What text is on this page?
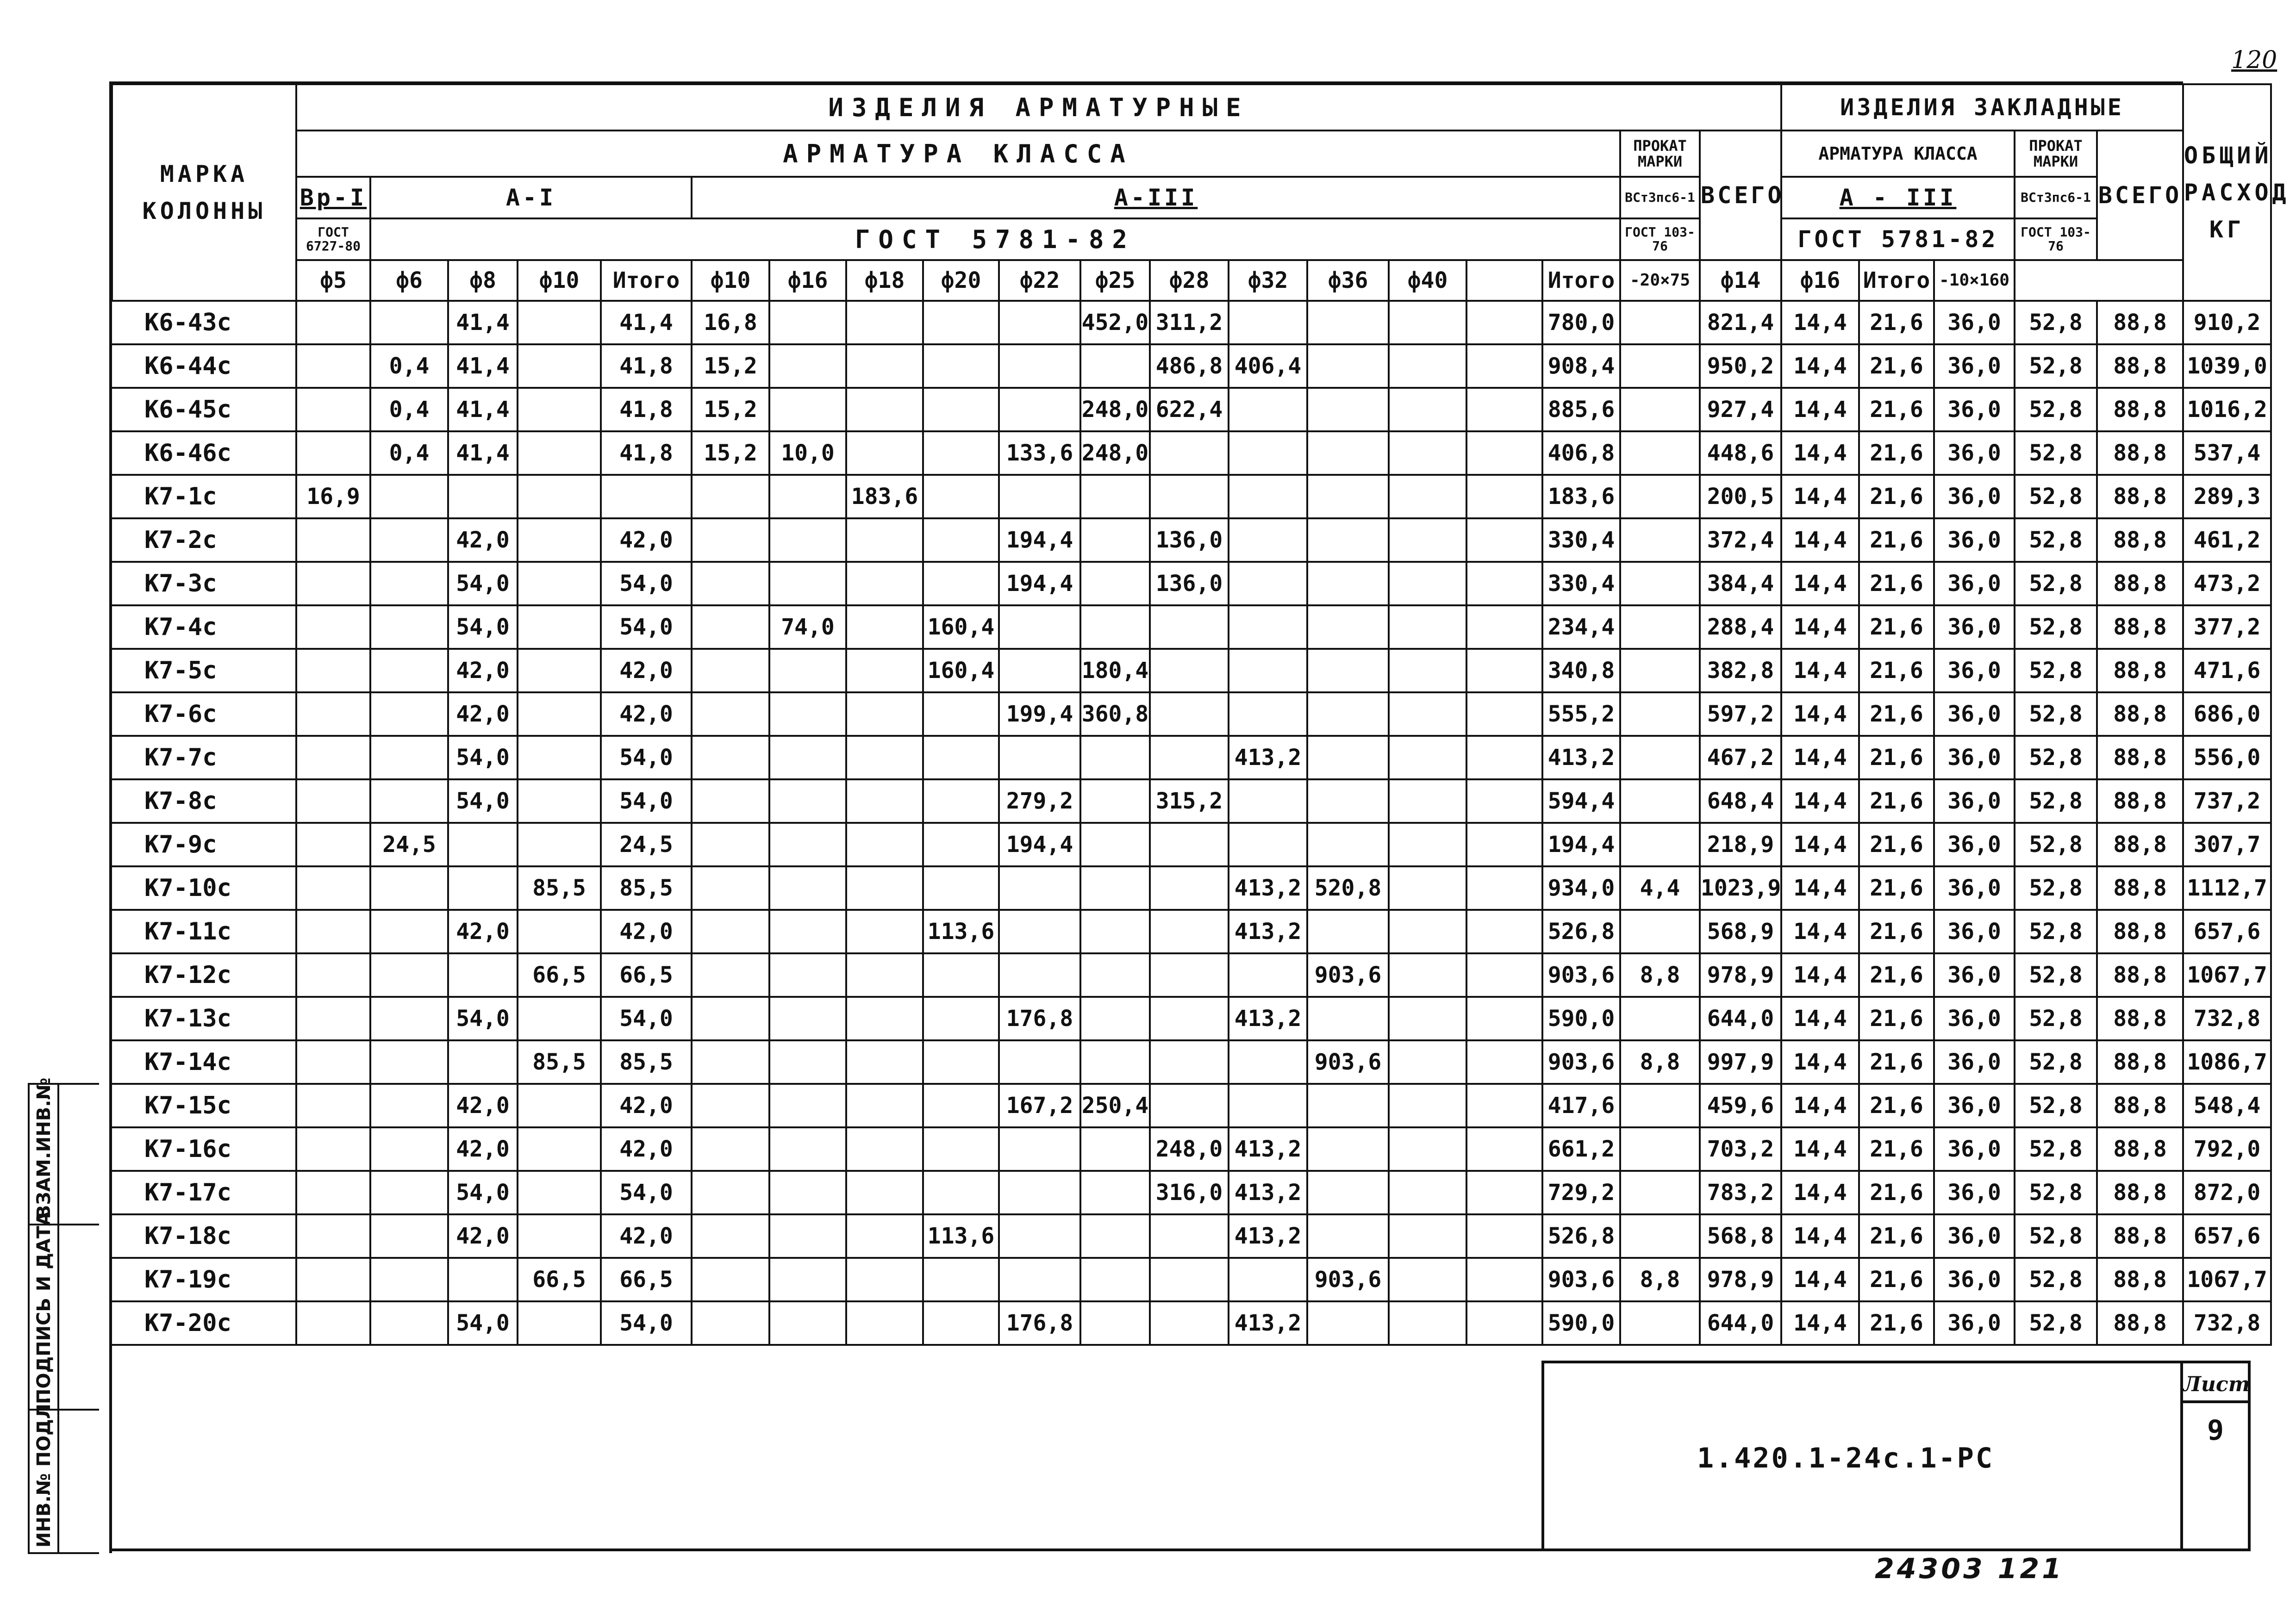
120
МАРКА
КОЛОННЫ	ИЗДЕЛИЯ АРМАТУРНЫЕ																			ИЗДЕЛИЯ ЗАКЛАДНЫЕ					ОБЩИЙ РАСХОД КГ
	АРМАТУРА КЛАССА																	ПРОКАТ МАРКИ	ВСЕГО	АРМАТУРА КЛАССА			ПРОКАТ МАРКИ	ВСЕГО	
	Вр-I	А-I				А-III												ВСт3пс6-1		А - III			ВСт3пс6-1		
	ГОСТ 6727-80	ГОСТ 5781-82																ГОСТ 103-76		ГОСТ 5781-82			ГОСТ 103-76		
	ф5	ф6	ф8	ф10	Итого	ф10	ф16	ф18	ф20	ф22	ф25	ф28	ф32	ф36	ф40		Итого	-20×75	ф14	ф16	Итого	-10×160			
К6-43с			41,4		41,4	16,8					452,0	311,2					780,0		821,4	14,4	21,6	36,0	52,8	88,8	910,2
К6-44с		0,4	41,4		41,8	15,2						486,8	406,4				908,4		950,2	14,4	21,6	36,0	52,8	88,8	1039,0
К6-45с		0,4	41,4		41,8	15,2					248,0	622,4					885,6		927,4	14,4	21,6	36,0	52,8	88,8	1016,2
К6-46с		0,4	41,4		41,8	15,2	10,0			133,6	248,0						406,8		448,6	14,4	21,6	36,0	52,8	88,8	537,4
К7-1с	16,9							183,6									183,6		200,5	14,4	21,6	36,0	52,8	88,8	289,3
К7-2с			42,0		42,0					194,4		136,0					330,4		372,4	14,4	21,6	36,0	52,8	88,8	461,2
К7-3с			54,0		54,0					194,4		136,0					330,4		384,4	14,4	21,6	36,0	52,8	88,8	473,2
К7-4с			54,0		54,0		74,0		160,4								234,4		288,4	14,4	21,6	36,0	52,8	88,8	377,2
К7-5с			42,0		42,0				160,4		180,4						340,8		382,8	14,4	21,6	36,0	52,8	88,8	471,6
К7-6с			42,0		42,0					199,4	360,8						555,2		597,2	14,4	21,6	36,0	52,8	88,8	686,0
К7-7с			54,0		54,0								413,2				413,2		467,2	14,4	21,6	36,0	52,8	88,8	556,0
К7-8с			54,0		54,0					279,2		315,2					594,4		648,4	14,4	21,6	36,0	52,8	88,8	737,2
К7-9с		24,5			24,5					194,4							194,4		218,9	14,4	21,6	36,0	52,8	88,8	307,7
К7-10с				85,5	85,5								413,2	520,8			934,0	4,4	1023,9	14,4	21,6	36,0	52,8	88,8	1112,7
К7-11с			42,0		42,0				113,6				413,2				526,8		568,9	14,4	21,6	36,0	52,8	88,8	657,6
К7-12с				66,5	66,5									903,6			903,6	8,8	978,9	14,4	21,6	36,0	52,8	88,8	1067,7
К7-13с			54,0		54,0					176,8			413,2				590,0		644,0	14,4	21,6	36,0	52,8	88,8	732,8
К7-14с				85,5	85,5									903,6			903,6	8,8	997,9	14,4	21,6	36,0	52,8	88,8	1086,7
К7-15с			42,0		42,0					167,2	250,4						417,6		459,6	14,4	21,6	36,0	52,8	88,8	548,4
К7-16с			42,0		42,0							248,0	413,2				661,2		703,2	14,4	21,6	36,0	52,8	88,8	792,0
К7-17с			54,0		54,0							316,0	413,2				729,2		783,2	14,4	21,6	36,0	52,8	88,8	872,0
К7-18с			42,0		42,0				113,6				413,2				526,8		568,8	14,4	21,6	36,0	52,8	88,8	657,6
К7-19с				66,5	66,5									903,6			903,6	8,8	978,9	14,4	21,6	36,0	52,8	88,8	1067,7
К7-20с			54,0		54,0					176,8			413,2				590,0		644,0	14,4	21,6	36,0	52,8	88,8	732,8
ИНВ.№ ПОДЛ.
ПОДПИСЬ И ДАТА
ВЗАМ.ИНВ.№
1.420.1-24с.1-РС
Лист
9
24303 121
